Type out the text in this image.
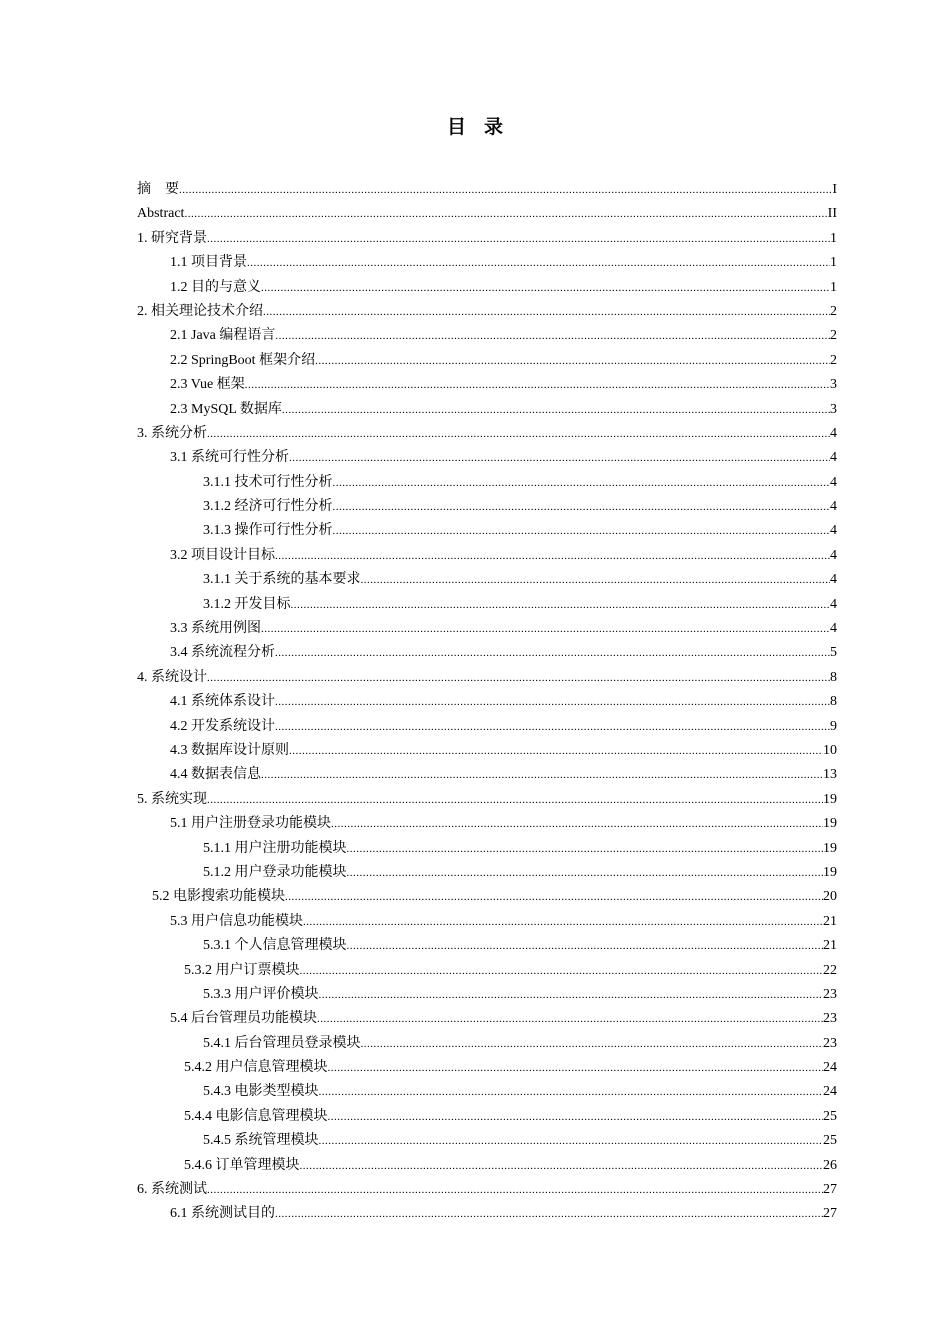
目录
摘　要 .....	I
Abstract .....	II
1. 研究背景 .....	1
1.1 项目背景 .....	1
1.2 目的与意义 .....	1
2. 相关理论技术介绍 .....	2
2.1 Java 编程语言 .....	2
2.2 SpringBoot 框架介绍 .....	2
2.3 Vue 框架 .....	3
2.3 MySQL 数据库 .....	3
3. 系统分析 .....	4
3.1 系统可行性分析 .....	4
3.1.1 技术可行性分析 .....	4
3.1.2 经济可行性分析 .....	4
3.1.3 操作可行性分析 .....	4
3.2 项目设计目标 .....	4
3.1.1 关于系统的基本要求 .....	4
3.1.2 开发目标 .....	4
3.3 系统用例图 .....	4
3.4 系统流程分析 .....	5
4. 系统设计 .....	8
4.1 系统体系设计 .....	8
4.2 开发系统设计 .....	9
4.3 数据库设计原则 .....	10
4.4 数据表信息 .....	13
5. 系统实现 .....	19
5.1 用户注册登录功能模块 .....	19
5.1.1 用户注册功能模块 .....	19
5.1.2 用户登录功能模块 .....	19
5.2 电影搜索功能模块 .....	20
5.3 用户信息功能模块 .....	21
5.3.1 个人信息管理模块 .....	21
5.3.2 用户订票模块 .....	22
5.3.3 用户评价模块 .....	23
5.4 后台管理员功能模块 .....	23
5.4.1 后台管理员登录模块 .....	23
5.4.2 用户信息管理模块 .....	24
5.4.3 电影类型模块 .....	24
5.4.4 电影信息管理模块 .....	25
5.4.5 系统管理模块 .....	25
5.4.6 订单管理模块 .....	26
6. 系统测试 .....	27
6.1 系统测试目的 .....	27
